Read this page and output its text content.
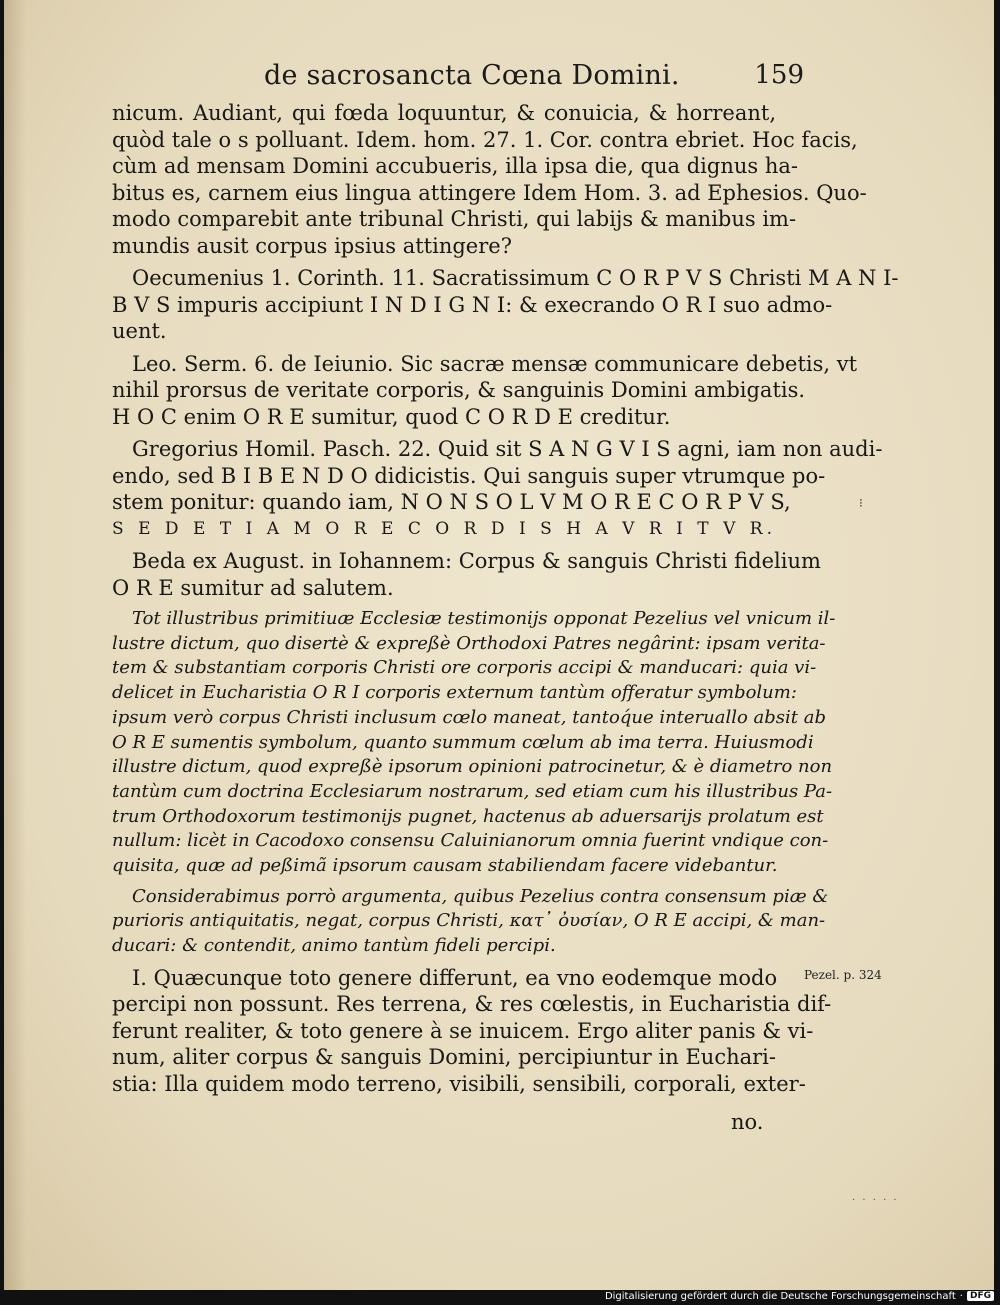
de sacrosancta Cœna Domini.	159
nicum. Audiant, qui fœda loquuntur, & conuicia, & horreant,
quòd tale o s polluant. Idem. hom. 27. 1. Cor. contra ebriet. Hoc facis,
cùm ad mensam Domini accubueris, illa ipsa die, qua dignus ha-
bitus es, carnem eius lingua attingere Idem Hom. 3. ad Ephesios. Quo-
modo comparebit ante tribunal Christi, qui labijs & manibus im-
mundis ausit corpus ipsius attingere?
Oecumenius 1. Corinth. 11. Sacratissimum C O R P V S Christi M A N I-
B V S impuris accipiunt I N D I G N I: & execrando O R I suo admo-
uent.
Leo. Serm. 6. de Ieiunio. Sic sacræ mensæ communicare debetis, vt
nihil prorsus de veritate corporis, & sanguinis Domini ambigatis.
H O C enim O R E sumitur, quod C O R D E creditur.
Gregorius Homil. Pasch. 22. Quid sit S A N G V I S agni, iam non audi-
endo, sed B I B E N D O didicistis. Qui sanguis super vtrumque po-
stem ponitur: quando iam, N O N S O L V M O R E C O R P V S,
S E D E T I A M O R E C O R D I S H A V R I T V R.
Beda ex August. in Iohannem: Corpus & sanguis Christi fidelium
O R E sumitur ad salutem.
Tot illustribus primitiuæ Ecclesiæ testimonijs opponat Pezelius vel vnicum il-
lustre dictum, quo disertè & expreßè Orthodoxi Patres negârint: ipsam verita-
tem & substantiam corporis Christi ore corporis accipi & manducari: quia vi-
delicet in Eucharistia O R I corporis externum tantùm offeratur symbolum:
ipsum verò corpus Christi inclusum cœlo maneat, tantoq́ue interuallo absit ab
O R E sumentis symbolum, quanto summum cœlum ab ima terra. Huiusmodi
illustre dictum, quod expreßè ipsorum opinioni patrocinetur, & è diametro non
tantùm cum doctrina Ecclesiarum nostrarum, sed etiam cum his illustribus Pa-
trum Orthodoxorum testimonijs pugnet, hactenus ab aduersarijs prolatum est
nullum: licèt in Cacodoxo consensu Caluinianorum omnia fuerint vndique con-
quisita, quæ ad peßimã ipsorum causam stabiliendam facere videbantur.
Considerabimus porrò argumenta, quibus Pezelius contra consensum piæ &
purioris antiquitatis, negat, corpus Christi, κατ᾽ ὀυσίαν, O R E accipi, & man-
ducari: & contendit, animo tantùm fideli percipi.
I. Quæcunque toto genere differunt, ea vno eodemque modo
percipi non possunt. Res terrena, & res cœlestis, in Eucharistia dif-
ferunt realiter, & toto genere à se inuicem. Ergo aliter panis & vi-
num, aliter corpus & sanguis Domini, percipiuntur in Euchari-
stia: Illa quidem modo terreno, visibili, sensibili, corporali, exter-
no.
Pezel. p. 324
⁝
· · · · ·
Digitalisierung gefördert durch die Deutsche Forschungsgemeinschaft · DFG
